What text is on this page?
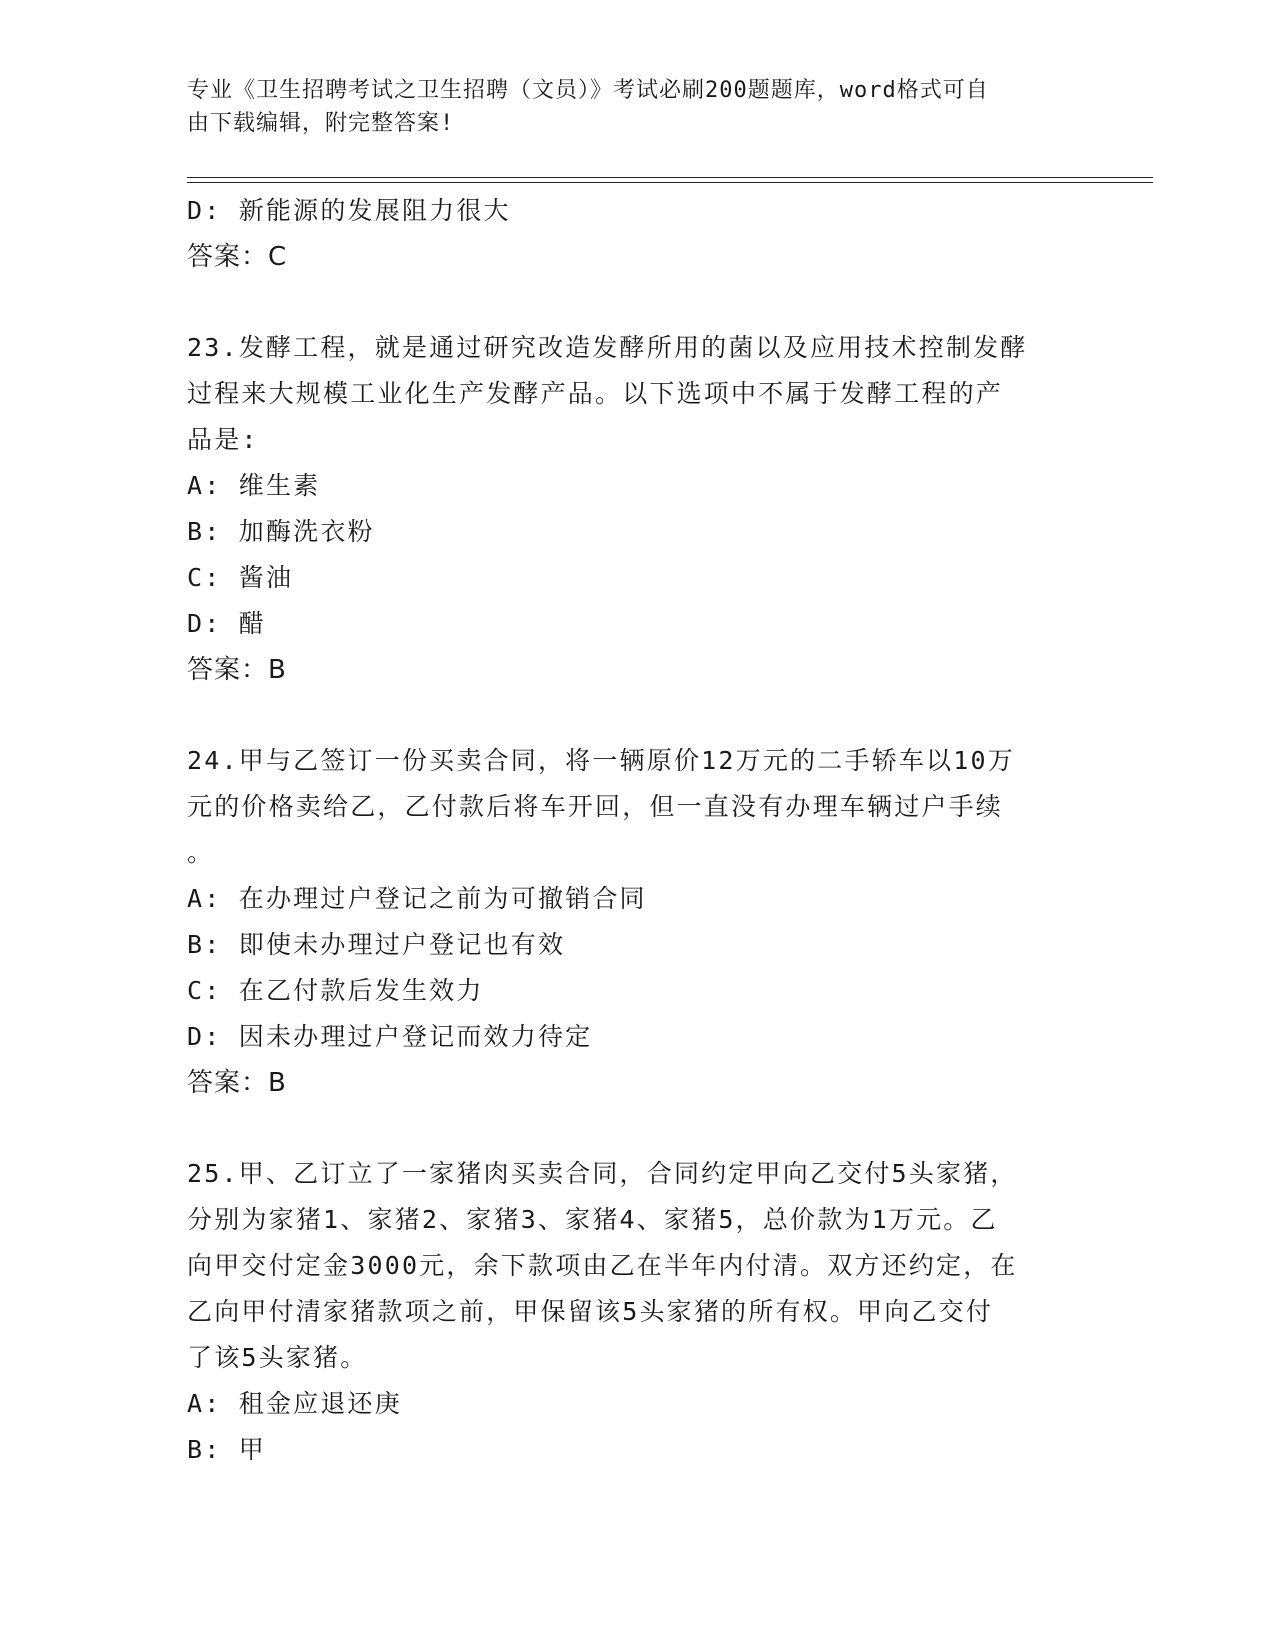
专业《卫生招聘考试之卫生招聘（文员）》考试必刷200题题库，word格式可自
由下载编辑，附完整答案!
D: 新能源的发展阻力很大
答案：C
23.发酵工程，就是通过研究改造发酵所用的菌以及应用技术控制发酵
过程来大规模工业化生产发酵产品。以下选项中不属于发酵工程的产
品是:
A: 维生素
B: 加酶洗衣粉
C: 酱油
D: 醋
答案：B
24.甲与乙签订一份买卖合同，将一辆原价12万元的二手轿车以10万
元的价格卖给乙，乙付款后将车开回，但一直没有办理车辆过户手续
。
A: 在办理过户登记之前为可撤销合同
B: 即使未办理过户登记也有效
C: 在乙付款后发生效力
D: 因未办理过户登记而效力待定
答案：B
25.甲、乙订立了一家猪肉买卖合同，合同约定甲向乙交付5头家猪，
分别为家猪1、家猪2、家猪3、家猪4、家猪5，总价款为1万元。乙
向甲交付定金3000元，余下款项由乙在半年内付清。双方还约定，在
乙向甲付清家猪款项之前，甲保留该5头家猪的所有权。甲向乙交付
了该5头家猪。
A: 租金应退还庚
B: 甲
